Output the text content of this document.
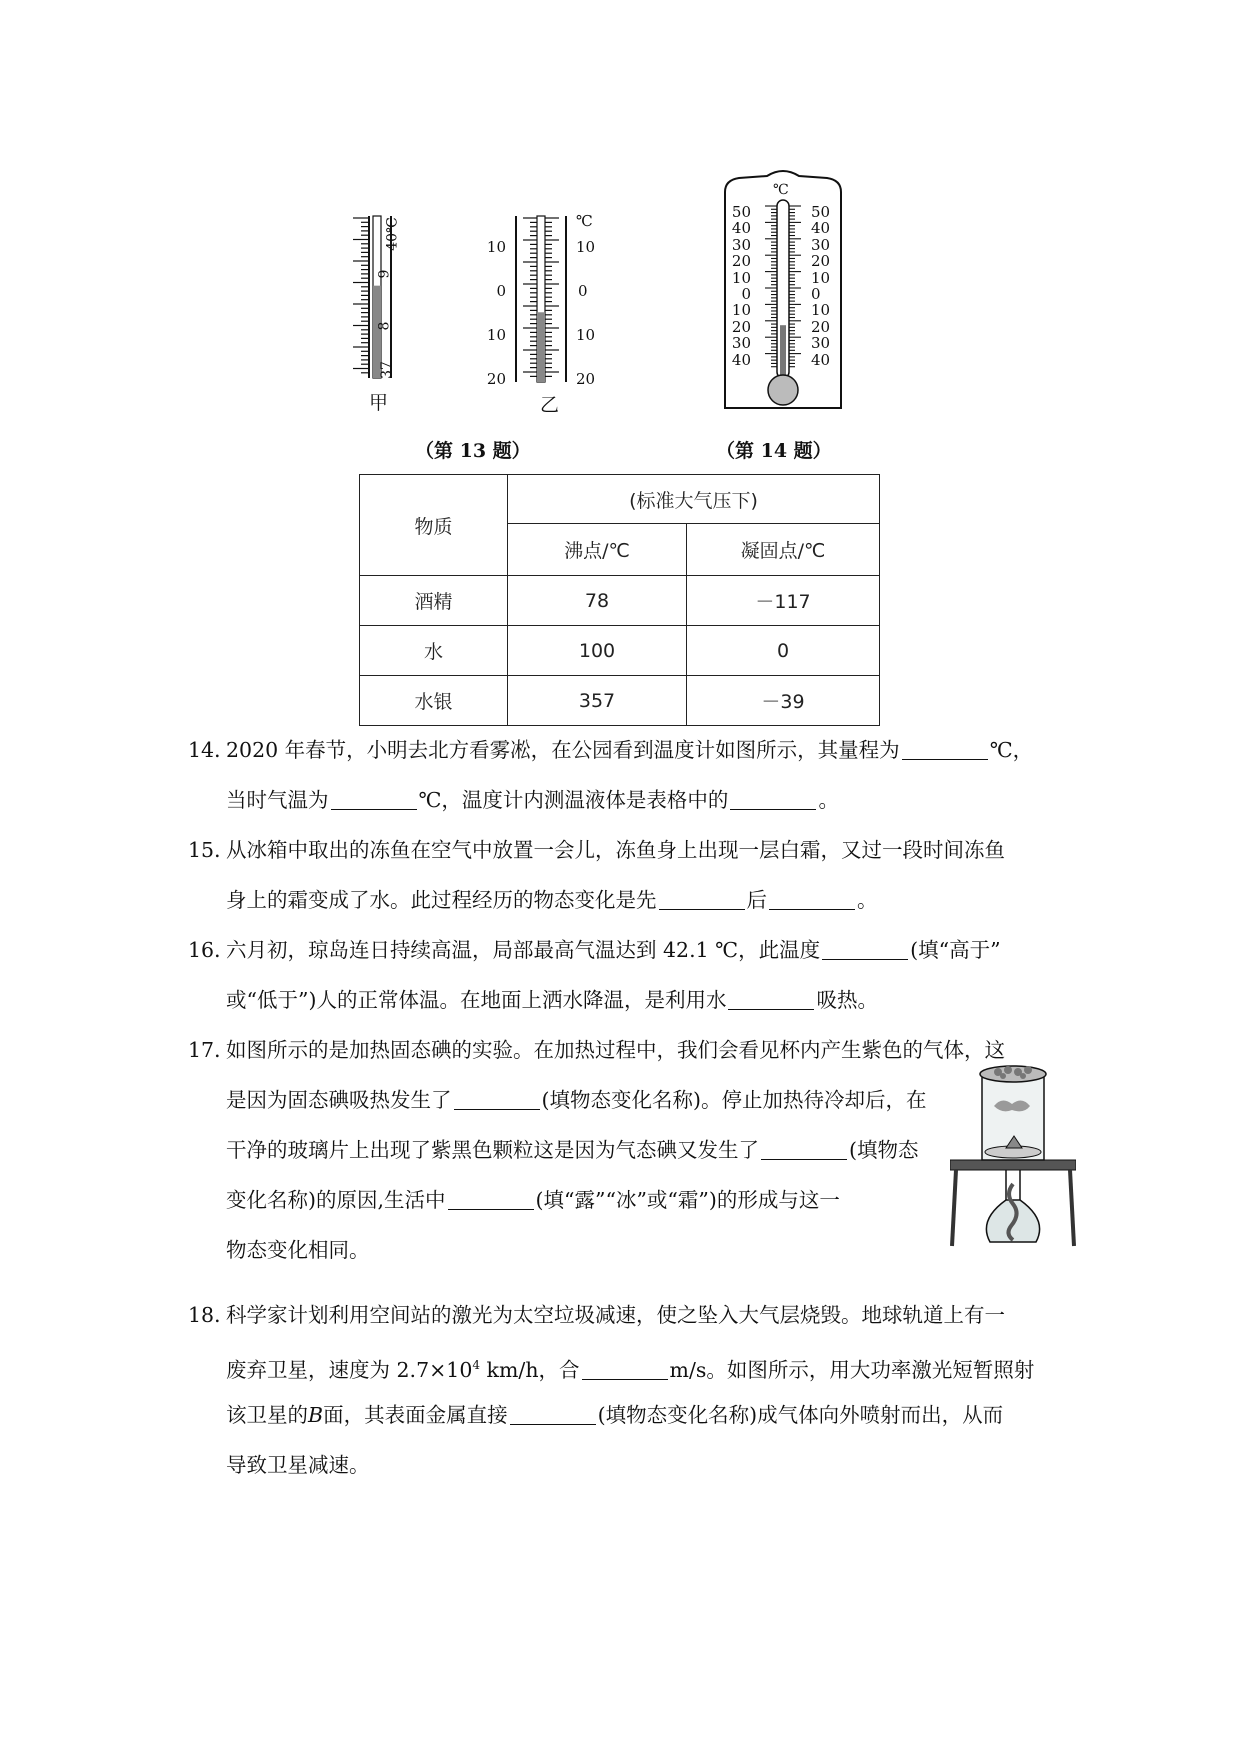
40℃
9
8
37
甲
10
0
10
20
℃
10
0
10
20
乙
（第 13 题）
℃
50
40
30
20
10
0
10
20
30
40
50
40
30
20
10
0
10
20
30
40
（第 14 题）
物质	(标准大气压下)	
	沸点/℃	凝固点/℃
酒精	78	－117
水	100	0
水银	357	－39
14．2020 年春节，小明去北方看雾凇，在公园看到温度计如图所示，其量程为	℃，
当时气温为	℃，温度计内测温液体是表格中的	。
15．从冰箱中取出的冻鱼在空气中放置一会儿，冻鱼身上出现一层白霜，又过一段时间冻鱼
身上的霜变成了水。此过程经历的物态变化是先	后	。
16．六月初，琼岛连日持续高温，局部最高气温达到 42.1 ℃，此温度	(填“高于”
或“低于”)人的正常体温。在地面上洒水降温，是利用水	吸热。
17．如图所示的是加热固态碘的实验。在加热过程中，我们会看见杯内产生紫色的气体，这
是因为固态碘吸热发生了	(填物态变化名称)。停止加热待冷却后，在
干净的玻璃片上出现了紫黑色颗粒这是因为气态碘又发生了	(填物态
变化名称)的原因,生活中	(填“露”“冰”或“霜”)的形成与这一
物态变化相同。
18．科学家计划利用空间站的激光为太空垃圾减速，使之坠入大气层烧毁。地球轨道上有一
废弃卫星，速度为 $2.7\times 10^4$ km/h，合	m/s。如图所示，用大功率激光短暂照射
该卫星的B面，其表面金属直接	(填物态变化名称)成气体向外喷射而出，从而
导致卫星减速。
